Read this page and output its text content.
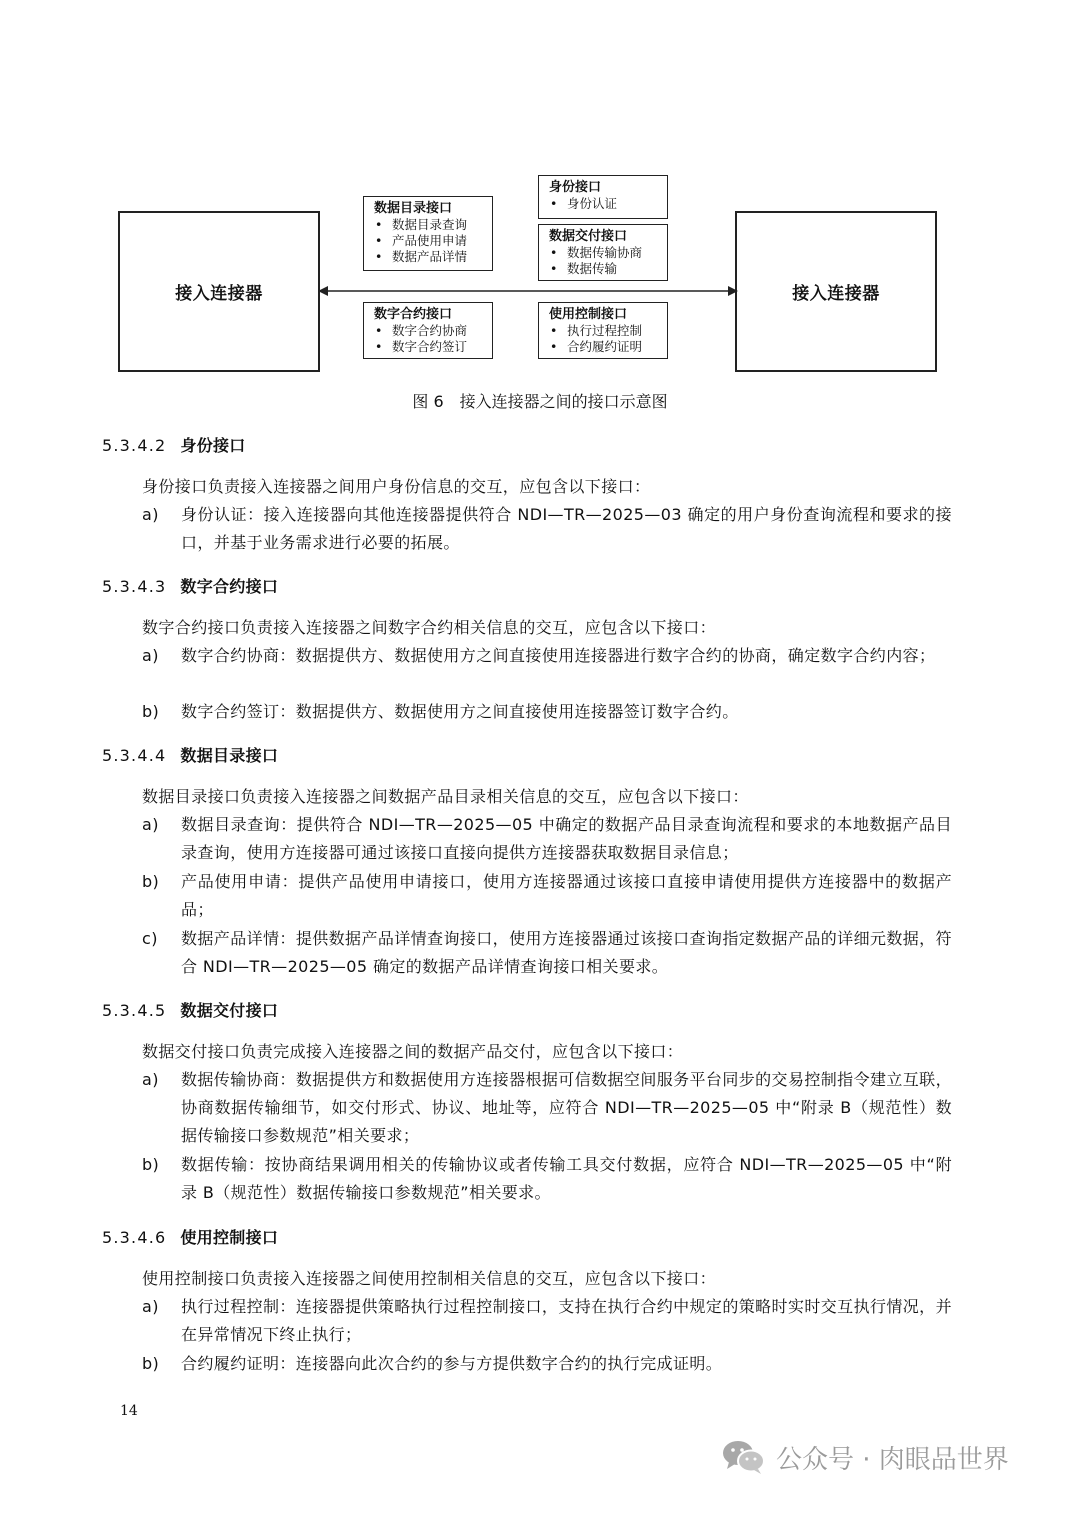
接入连接器	接入连接器
数据目录接口
• 数据目录查询
• 产品使用申请
• 数据产品详情
身份接口
• 身份认证
数据交付接口
• 数据传输协商
• 数据传输
数字合约接口
• 数字合约协商
• 数字合约签订
使用控制接口
• 执行过程控制
• 合约履约证明
图 6　接入连接器之间的接口示意图
5.3.4.2 身份接口
身份接口负责接入连接器之间用户身份信息的交互，应包含以下接口：
a) 身份认证：接入连接器向其他连接器提供符合 NDI—TR—2025—03 确定的用户身份查询流程和要求的接口，并基于业务需求进行必要的拓展。
5.3.4.3 数字合约接口
数字合约接口负责接入连接器之间数字合约相关信息的交互，应包含以下接口：
a) 数字合约协商：数据提供方、数据使用方之间直接使用连接器进行数字合约的协商，确定数字合约内容；
b) 数字合约签订：数据提供方、数据使用方之间直接使用连接器签订数字合约。
5.3.4.4 数据目录接口
数据目录接口负责接入连接器之间数据产品目录相关信息的交互，应包含以下接口：
a) 数据目录查询：提供符合 NDI—TR—2025—05 中确定的数据产品目录查询流程和要求的本地数据产品目录查询，使用方连接器可通过该接口直接向提供方连接器获取数据目录信息；
b) 产品使用申请：提供产品使用申请接口，使用方连接器通过该接口直接申请使用提供方连接器中的数据产品；
c) 数据产品详情：提供数据产品详情查询接口，使用方连接器通过该接口查询指定数据产品的详细元数据，符合 NDI—TR—2025—05 确定的数据产品详情查询接口相关要求。
5.3.4.5 数据交付接口
数据交付接口负责完成接入连接器之间的数据产品交付，应包含以下接口：
a) 数据传输协商：数据提供方和数据使用方连接器根据可信数据空间服务平台同步的交易控制指令建立互联，协商数据传输细节，如交付形式、协议、地址等，应符合 NDI—TR—2025—05 中“附录 B（规范性）数据传输接口参数规范”相关要求；
b) 数据传输：按协商结果调用相关的传输协议或者传输工具交付数据，应符合 NDI—TR—2025—05 中“附录 B（规范性）数据传输接口参数规范”相关要求。
5.3.4.6 使用控制接口
使用控制接口负责接入连接器之间使用控制相关信息的交互，应包含以下接口：
a) 执行过程控制：连接器提供策略执行过程控制接口，支持在执行合约中规定的策略时实时交互执行情况，并在异常情况下终止执行；
b) 合约履约证明：连接器向此次合约的参与方提供数字合约的执行完成证明。
14
公众号 · 肉眼品世界
